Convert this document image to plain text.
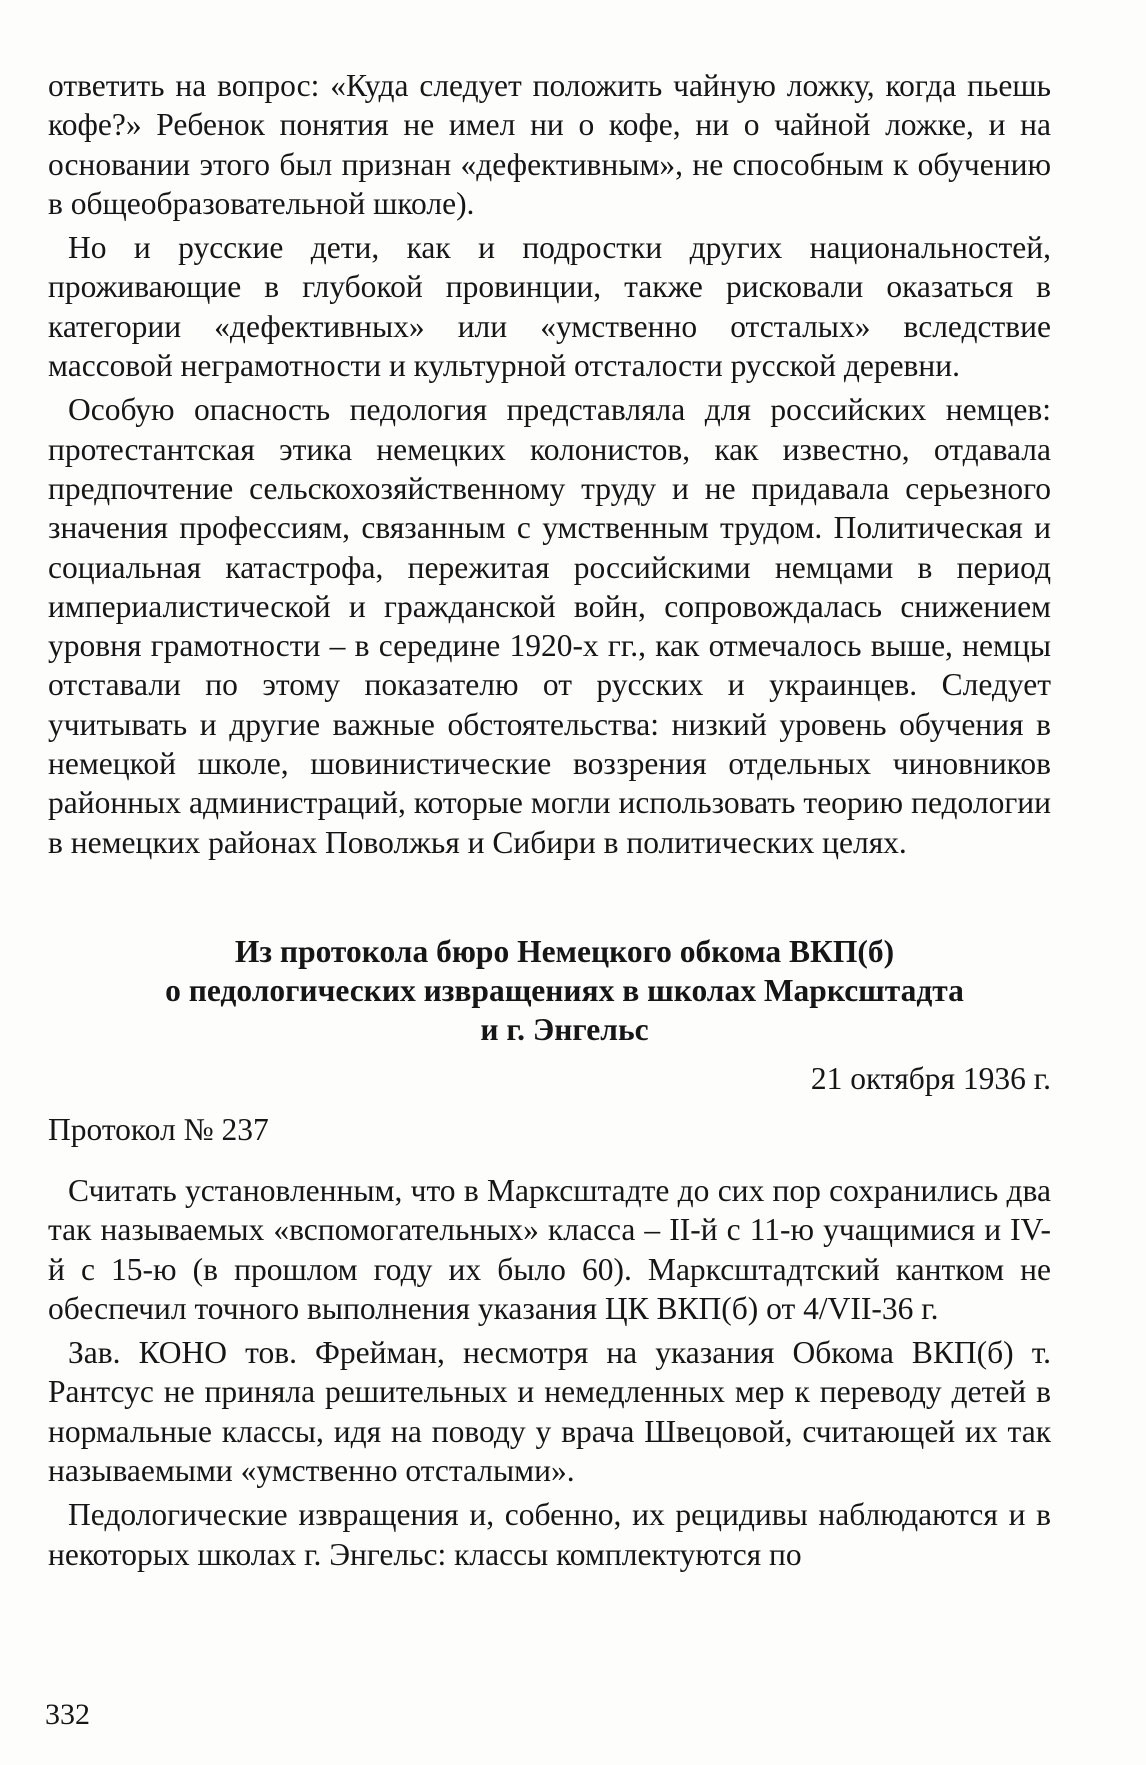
ответить на вопрос: «Куда следует положить чайную ложку, когда пьешь кофе?» Ребенок понятия не имел ни о кофе, ни о чайной ложке, и на основании этого был признан «дефективным», не способным к обучению в общеобразовательной школе).

Но и русские дети, как и подростки других национальностей, проживающие в глубокой провинции, также рисковали оказаться в категории «дефективных» или «умственно отсталых» вследствие массовой неграмотности и культурной отсталости русской деревни.

Особую опасность педология представляла для российских немцев: протестантская этика немецких колонистов, как известно, отдавала предпочтение сельскохозяйственному труду и не придавала серьезного значения профессиям, связанным с умственным трудом. Политическая и социальная катастрофа, пережитая российскими немцами в период империалистической и гражданской войн, сопровождалась снижением уровня грамотности – в середине 1920-х гг., как отмечалось выше, немцы отставали по этому показателю от русских и украинцев. Следует учитывать и другие важные обстоятельства: низкий уровень обучения в немецкой школе, шовинистические воззрения отдельных чиновников районных администраций, которые могли использовать теорию педологии в немецких районах Поволжья и Сибири в политических целях.

Из протокола бюро Немецкого обкома ВКП(б)
о педологических извращениях в школах Марксштадта
и г. Энгельс
21 октября 1936 г.
Протокол № 237

Считать установленным, что в Марксштадте до сих пор сохранились два так называемых «вспомогательных» класса – II-й с 11-ю учащимися и IV-й с 15-ю (в прошлом году их было 60). Марксштадтский кантком не обеспечил точного выполнения указания ЦК ВКП(б) от 4/VII-36 г.

Зав. КОНО тов. Фрейман, несмотря на указания Обкома ВКП(б) т. Рантсус не приняла решительных и немедленных мер к переводу детей в нормальные классы, идя на поводу у врача Швецовой, считающей их так называемыми «умственно отсталыми».

Педологические извращения и, собенно, их рецидивы наблюдаются и в некоторых школах г. Энгельс: классы комплектуются по

332
